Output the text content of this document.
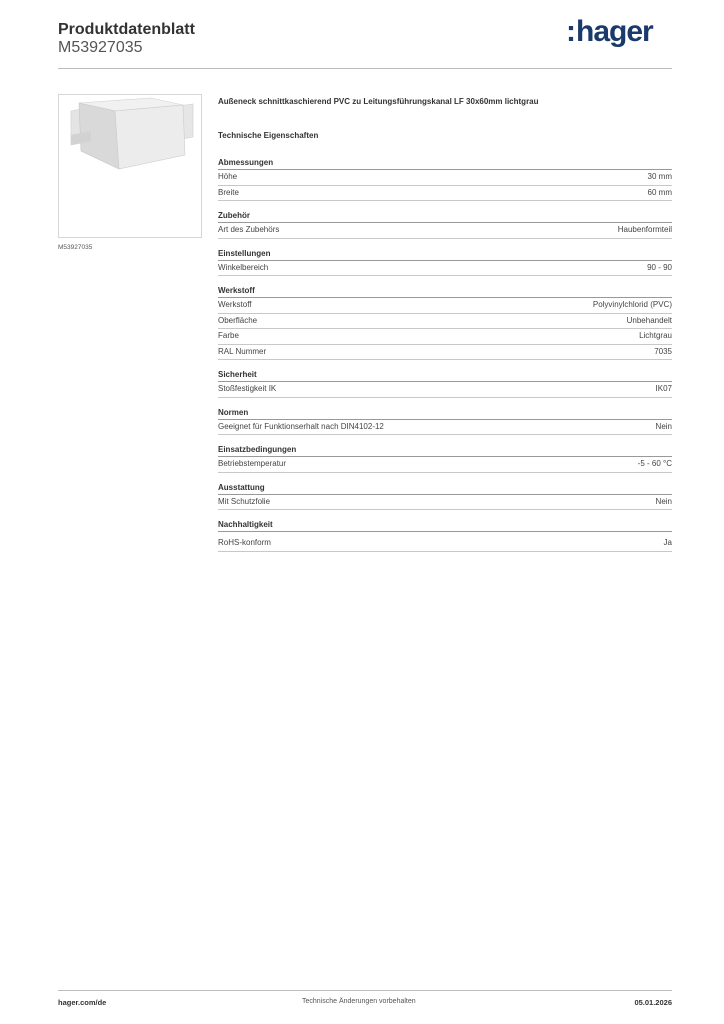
Produktdatenblatt
M53927035	:hager
M53927035
Außeneck schnittkaschierend PVC zu Leitungsführungskanal LF 30x60mm lichtgrau
Technische Eigenschaften
Abmessungen
Höhe	30 mm
Breite	60 mm
Zubehör
Art des Zubehörs	Haubenformteil
Einstellungen
Winkelbereich	90 - 90
Werkstoff
Werkstoff	Polyvinylchlorid (PVC)
Oberfläche	Unbehandelt
Farbe	Lichtgrau
RAL Nummer	7035
Sicherheit
Stoßfestigkeit IK	IK07
Normen
Geeignet für Funktionserhalt nach DIN4102-12	Nein
Einsatzbedingungen
Betriebstemperatur	-5 - 60 °C
Ausstattung
Mit Schutzfolie	Nein
Nachhaltigkeit
RoHS-konform	Ja
hager.com/de	Technische Änderungen vorbehalten	05.01.2026
